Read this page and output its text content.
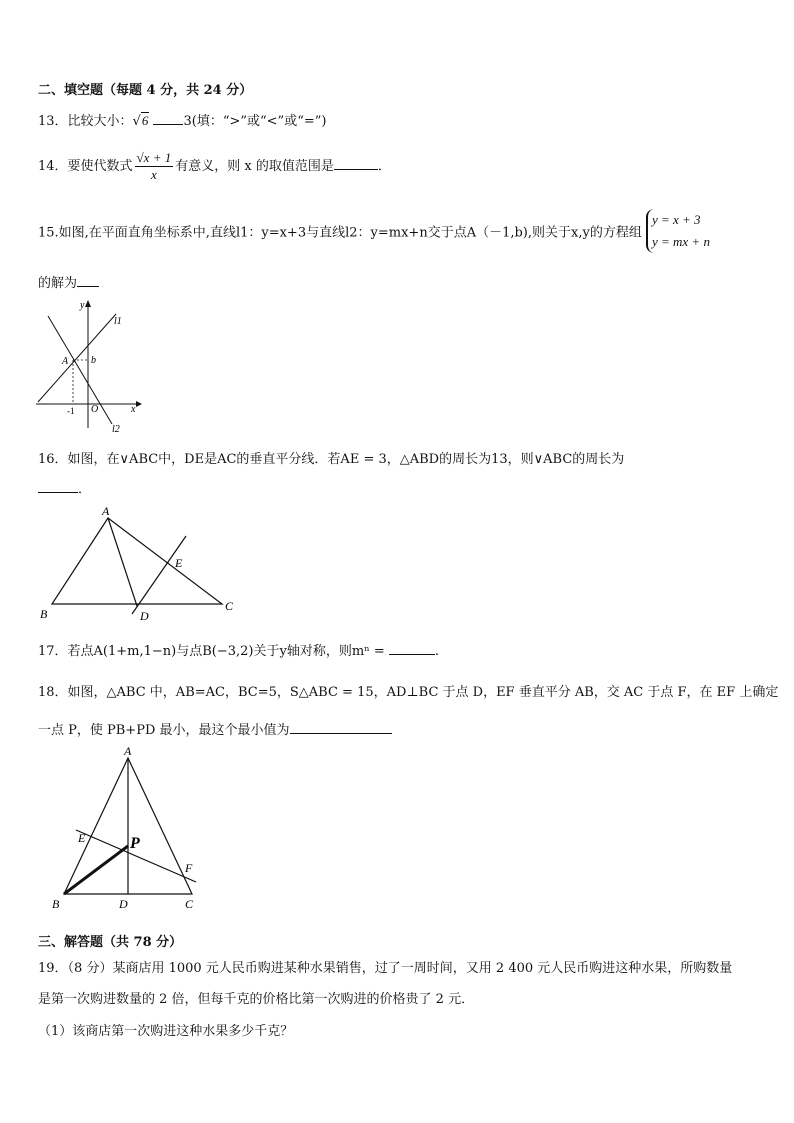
二、填空题（每题 4 分，共 24 分）
13．比较大小：√6	3(填：“>”或“<”或“=”)
14．要使代数式 $\frac{√x + 1}{x}$ 有意义，则 x 的取值范围是	．
15.如图,在平面直角坐标系中,直线l1：y=x+3与直线l2：y=mx+n交于点A（－1,b),则关于x,y的方程组
y = x + 3
y = mx + n
的解为
y
x
O
A b
-1
l1
l2
16．如图，在∨ABC中，DE是AC的垂直平分线．若AE = 3，△ABD的周长为13，则∨ABC的周长为
．
A
B
C
D
E
17．若点A(1+m,1−n)与点B(−3,2)关于y轴对称，则mⁿ =	.
18．如图，△ABC 中，AB=AC，BC=5，S△ABC = 15，AD⊥BC 于点 D，EF 垂直平分 AB，交 AC 于点 F，在 EF 上确定
一点 P，使 PB+PD 最小，最这个最小值为
A
B	C
D
E
F
P
三、解答题（共 78 分）
19．（8 分）某商店用 1000 元人民币购进某种水果销售，过了一周时间，又用 2 400 元人民币购进这种水果，所购数量
是第一次购进数量的 2 倍，但每千克的价格比第一次购进的价格贵了 2 元．
（1）该商店第一次购进这种水果多少千克？
